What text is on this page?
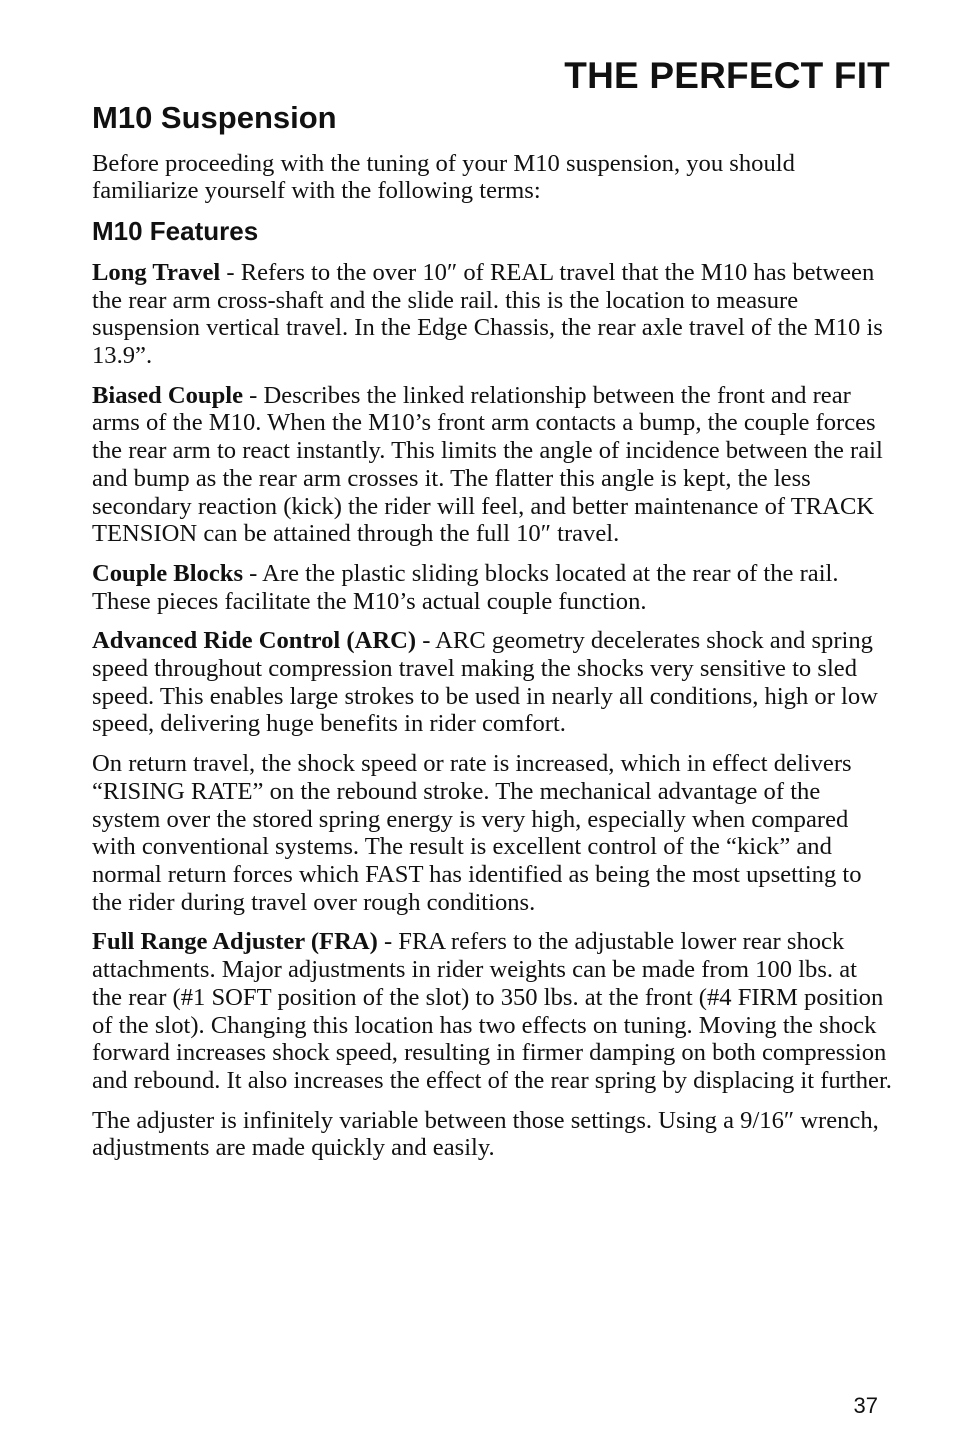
THE PERFECT FIT
M10 Suspension

Before proceeding with the tuning of your M10 suspension, you should familiarize yourself with the following terms:

M10 Features

Long Travel - Refers to the over 10″ of REAL travel that the M10 has between the rear arm cross-shaft and the slide rail. this is the location to measure suspension vertical travel. In the Edge Chassis, the rear axle travel of the M10 is 13.9”.

Biased Couple - Describes the linked relationship between the front and rear arms of the M10. When the M10’s front arm contacts a bump, the couple forces the rear arm to react instantly. This limits the angle of incidence between the rail and bump as the rear arm crosses it. The flatter this angle is kept, the less secondary reaction (kick) the rider will feel, and better maintenance of TRACK TENSION can be attained through the full 10″ travel.

Couple Blocks - Are the plastic sliding blocks located at the rear of the rail. These pieces facilitate the M10’s actual couple function.

Advanced Ride Control (ARC) - ARC geometry decelerates shock and spring speed throughout compression travel making the shocks very sensitive to sled speed. This enables large strokes to be used in nearly all conditions, high or low speed, delivering huge benefits in rider comfort.

On return travel, the shock speed or rate is increased, which in effect delivers “RISING RATE” on the rebound stroke. The mechanical advantage of the system over the stored spring energy is very high, especially when compared with conventional systems. The result is excellent control of the “kick” and normal return forces which FAST has identified as being the most upsetting to the rider during travel over rough conditions.

Full Range Adjuster (FRA) - FRA refers to the adjustable lower rear shock attachments. Major adjustments in rider weights can be made from 100 lbs. at the rear (#1 SOFT position of the slot) to 350 lbs. at the front (#4 FIRM position of the slot). Changing this location has two effects on tuning. Moving the shock forward increases shock speed, resulting in firmer damping on both compression and rebound. It also increases the effect of the rear spring by displacing it further.

The adjuster is infinitely variable between those settings. Using a 9/16″ wrench, adjustments are made quickly and easily.

37
